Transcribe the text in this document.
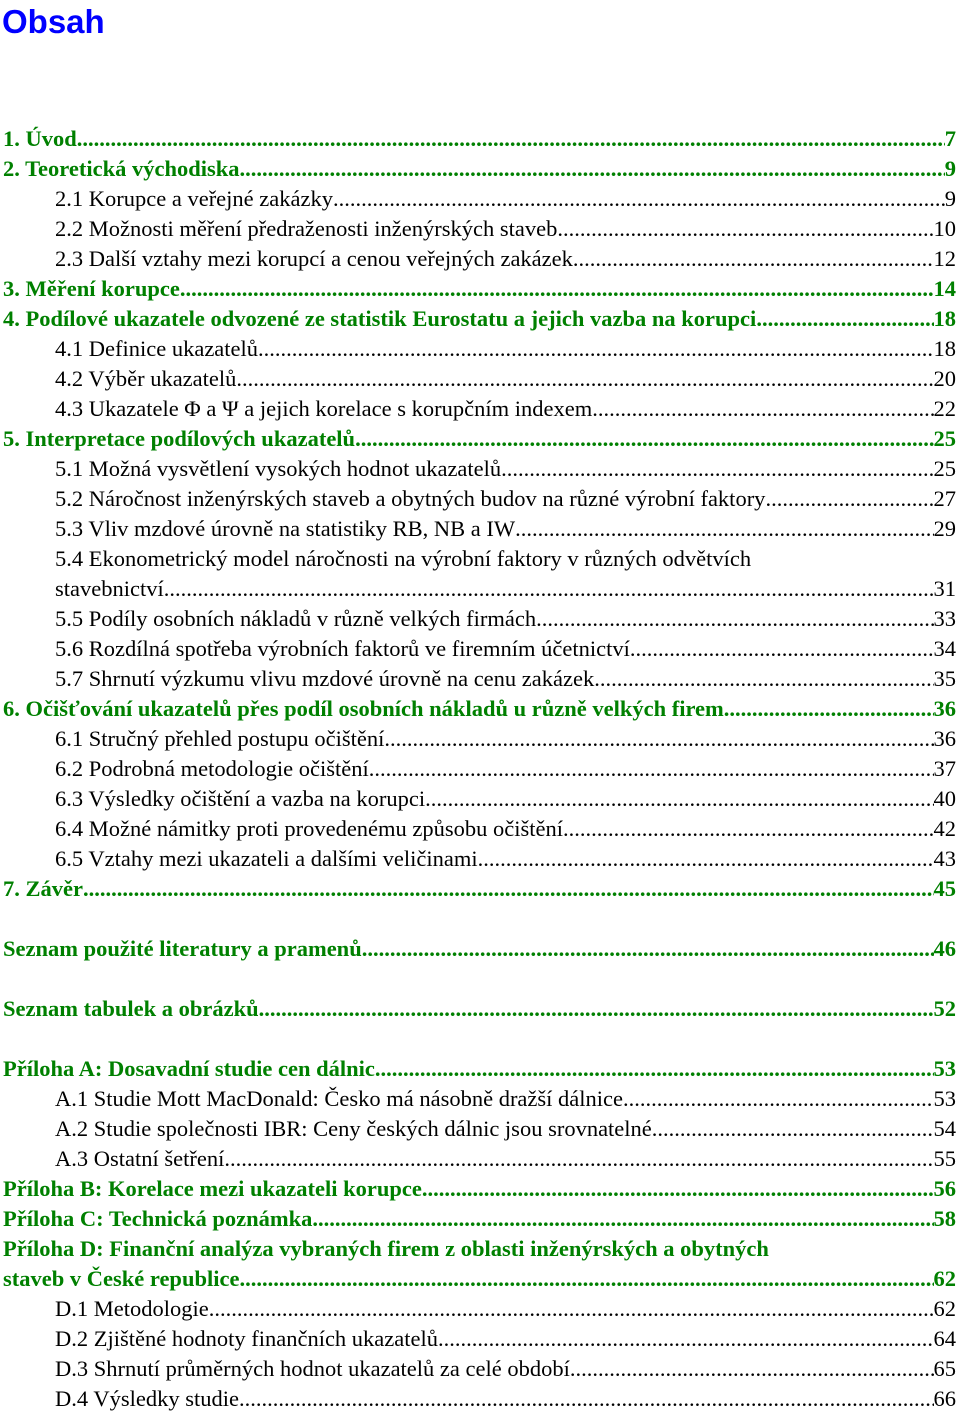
Obsah
1. Úvod .....	7
2. Teoretická východiska .....	9
2.1 Korupce a veřejné zakázky .....	9
2.2 Možnosti měření předraženosti inženýrských staveb .....	10
2.3 Další vztahy mezi korupcí a cenou veřejných zakázek .....	12
3. Měření korupce .....	14
4. Podílové ukazatele odvozené ze statistik Eurostatu a jejich vazba na korupci .....	18
4.1 Definice ukazatelů .....	18
4.2 Výběr ukazatelů .....	20
4.3 Ukazatele Φ a Ψ a jejich korelace s korupčním indexem .....	22
5. Interpretace podílových ukazatelů .....	25
5.1 Možná vysvětlení vysokých hodnot ukazatelů .....	25
5.2 Náročnost inženýrských staveb a obytných budov na různé výrobní faktory .....	27
5.3 Vliv mzdové úrovně na statistiky RB, NB a IW .....	29
5.4 Ekonometrický model náročnosti na výrobní faktory v různých odvětvích
stavebnictví .....	31
5.5 Podíly osobních nákladů v různě velkých firmách .....	33
5.6 Rozdílná spotřeba výrobních faktorů ve firemním účetnictví .....	34
5.7 Shrnutí výzkumu vlivu mzdové úrovně na cenu zakázek .....	35
6. Očišťování ukazatelů přes podíl osobních nákladů u různě velkých firem .....	36
6.1 Stručný přehled postupu očištění .....	36
6.2 Podrobná metodologie očištění .....	37
6.3 Výsledky očištění a vazba na korupci .....	40
6.4 Možné námitky proti provedenému způsobu očištění .....	42
6.5 Vztahy mezi ukazateli a dalšími veličinami .....	43
7. Závěr .....	45
Seznam použité literatury a pramenů .....	46
Seznam tabulek a obrázků .....	52
Příloha A: Dosavadní studie cen dálnic .....	53
A.1 Studie Mott MacDonald: Česko má násobně dražší dálnice .....	53
A.2 Studie společnosti IBR: Ceny českých dálnic jsou srovnatelné .....	54
A.3 Ostatní šetření .....	55
Příloha B: Korelace mezi ukazateli korupce .....	56
Příloha C: Technická poznámka .....	58
Příloha D: Finanční analýza vybraných firem z oblasti inženýrských a obytných
staveb v České republice .....	62
D.1 Metodologie .....	62
D.2 Zjištěné hodnoty finančních ukazatelů .....	64
D.3 Shrnutí průměrných hodnot ukazatelů za celé období .....	65
D.4 Výsledky studie .....	66
